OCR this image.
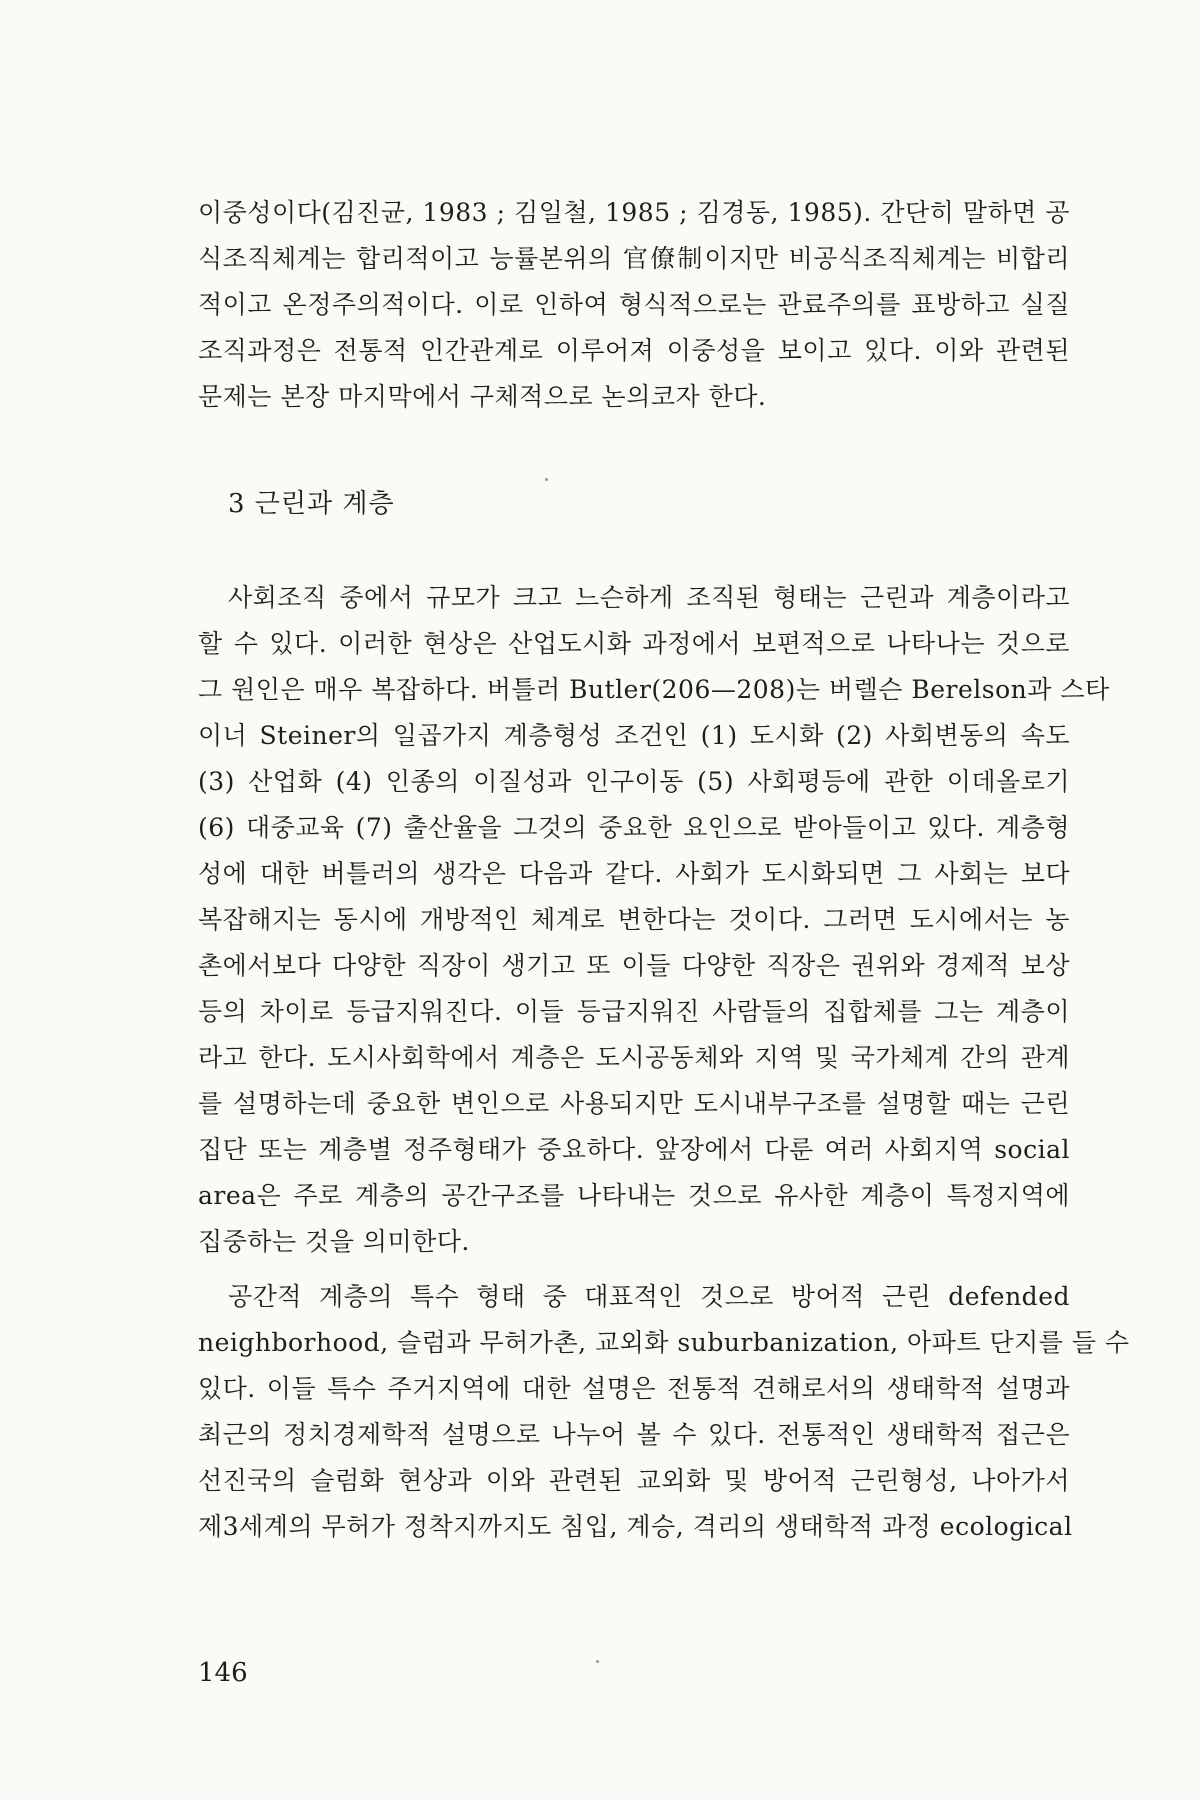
이중성이다(김진균, 1983 ; 김일철, 1985 ; 김경동, 1985). 간단히 말하면 공
식조직체계는 합리적이고 능률본위의 官僚制이지만 비공식조직체계는 비합리
적이고 온정주의적이다. 이로 인하여 형식적으로는 관료주의를 표방하고 실질
조직과정은 전통적 인간관계로 이루어져 이중성을 보이고 있다. 이와 관련된
문제는 본장 마지막에서 구체적으로 논의코자 한다.
3 근린과 계층
사회조직 중에서 규모가 크고 느슨하게 조직된 형태는 근린과 계층이라고
할 수 있다. 이러한 현상은 산업도시화 과정에서 보편적으로 나타나는 것으로
그 원인은 매우 복잡하다. 버틀러 Butler(206—208)는 버렐슨 Berelson과 스타
이너 Steiner의 일곱가지 계층형성 조건인 (1) 도시화 (2) 사회변동의 속도
(3) 산업화 (4) 인종의 이질성과 인구이동 (5) 사회평등에 관한 이데올로기
(6) 대중교육 (7) 출산율을 그것의 중요한 요인으로 받아들이고 있다. 계층형
성에 대한 버틀러의 생각은 다음과 같다. 사회가 도시화되면 그 사회는 보다
복잡해지는 동시에 개방적인 체계로 변한다는 것이다. 그러면 도시에서는 농
촌에서보다 다양한 직장이 생기고 또 이들 다양한 직장은 권위와 경제적 보상
등의 차이로 등급지워진다. 이들 등급지워진 사람들의 집합체를 그는 계층이
라고 한다. 도시사회학에서 계층은 도시공동체와 지역 및 국가체계 간의 관계
를 설명하는데 중요한 변인으로 사용되지만 도시내부구조를 설명할 때는 근린
집단 또는 계층별 정주형태가 중요하다. 앞장에서 다룬 여러 사회지역 social
area은 주로 계층의 공간구조를 나타내는 것으로 유사한 계층이 특정지역에
집중하는 것을 의미한다.
공간적 계층의 특수 형태 중 대표적인 것으로 방어적 근린 defended
neighborhood, 슬럼과 무허가촌, 교외화 suburbanization, 아파트 단지를 들 수
있다. 이들 특수 주거지역에 대한 설명은 전통적 견해로서의 생태학적 설명과
최근의 정치경제학적 설명으로 나누어 볼 수 있다. 전통적인 생태학적 접근은
선진국의 슬럼화 현상과 이와 관련된 교외화 및 방어적 근린형성, 나아가서
제3세계의 무허가 정착지까지도 침입, 계승, 격리의 생태학적 과정 ecological
146
